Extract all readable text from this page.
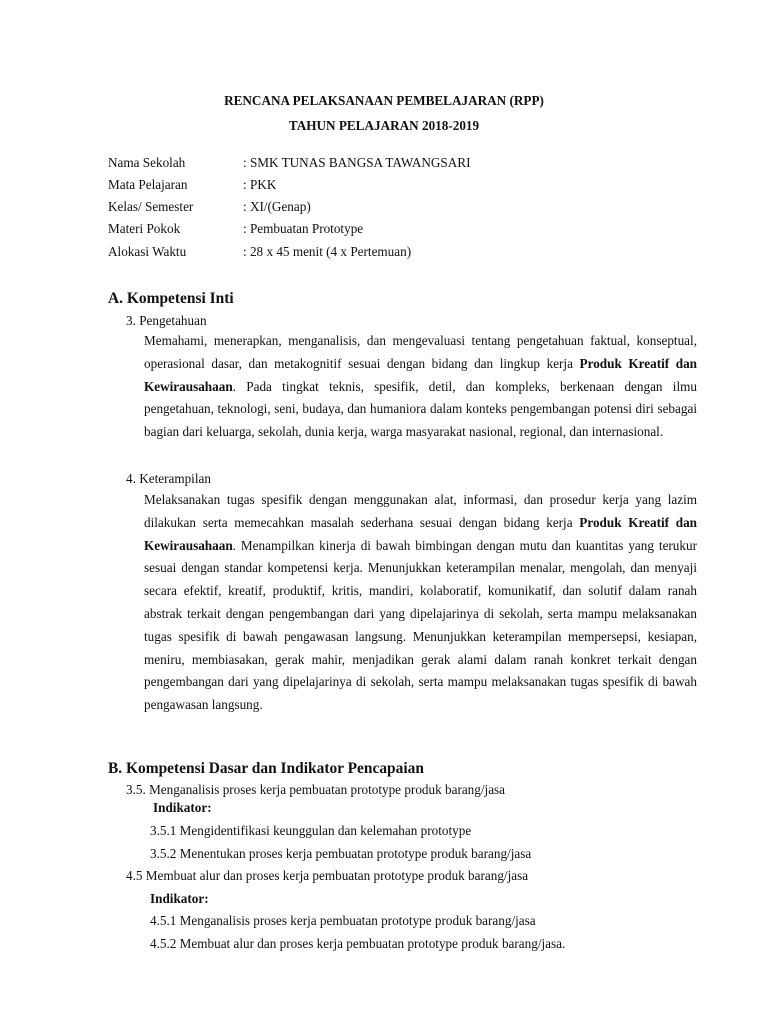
RENCANA PELAKSANAAN PEMBELAJARAN (RPP)
TAHUN PELAJARAN 2018-2019
Nama Sekolah	: SMK TUNAS BANGSA TAWANGSARI
Mata Pelajaran	: PKK
Kelas/ Semester	: XI/(Genap)
Materi Pokok	: Pembuatan Prototype
Alokasi Waktu	: 28 x 45 menit (4 x Pertemuan)
A. Kompetensi Inti
3. Pengetahuan

Memahami, menerapkan, menganalisis, dan mengevaluasi tentang pengetahuan faktual, konseptual, operasional dasar, dan metakognitif sesuai dengan bidang dan lingkup kerja Produk Kreatif dan Kewirausahaan. Pada tingkat teknis, spesifik, detil, dan kompleks, berkenaan dengan ilmu pengetahuan, teknologi, seni, budaya, dan humaniora dalam konteks pengembangan potensi diri sebagai bagian dari keluarga, sekolah, dunia kerja, warga masyarakat nasional, regional, dan internasional.

4. Keterampilan

Melaksanakan tugas spesifik dengan menggunakan alat, informasi, dan prosedur kerja yang lazim dilakukan serta memecahkan masalah sederhana sesuai dengan bidang kerja Produk Kreatif dan Kewirausahaan. Menampilkan kinerja di bawah bimbingan dengan mutu dan kuantitas yang terukur sesuai dengan standar kompetensi kerja. Menunjukkan keterampilan menalar, mengolah, dan menyaji secara efektif, kreatif, produktif, kritis, mandiri, kolaboratif, komunikatif, dan solutif dalam ranah abstrak terkait dengan pengembangan dari yang dipelajarinya di sekolah, serta mampu melaksanakan tugas spesifik di bawah pengawasan langsung. Menunjukkan keterampilan mempersepsi, kesiapan, meniru, membiasakan, gerak mahir, menjadikan gerak alami dalam ranah konkret terkait dengan pengembangan dari yang dipelajarinya di sekolah, serta mampu melaksanakan tugas spesifik di bawah pengawasan langsung.

B. Kompetensi Dasar dan Indikator Pencapaian
3.5. Menganalisis proses kerja pembuatan prototype produk barang/jasa
Indikator:
3.5.1 Mengidentifikasi keunggulan dan kelemahan prototype
3.5.2 Menentukan proses kerja pembuatan prototype produk barang/jasa
4.5 Membuat alur dan proses kerja pembuatan prototype produk barang/jasa
Indikator:
4.5.1 Menganalisis proses kerja pembuatan prototype produk barang/jasa
4.5.2 Membuat alur dan proses kerja pembuatan prototype produk barang/jasa.
